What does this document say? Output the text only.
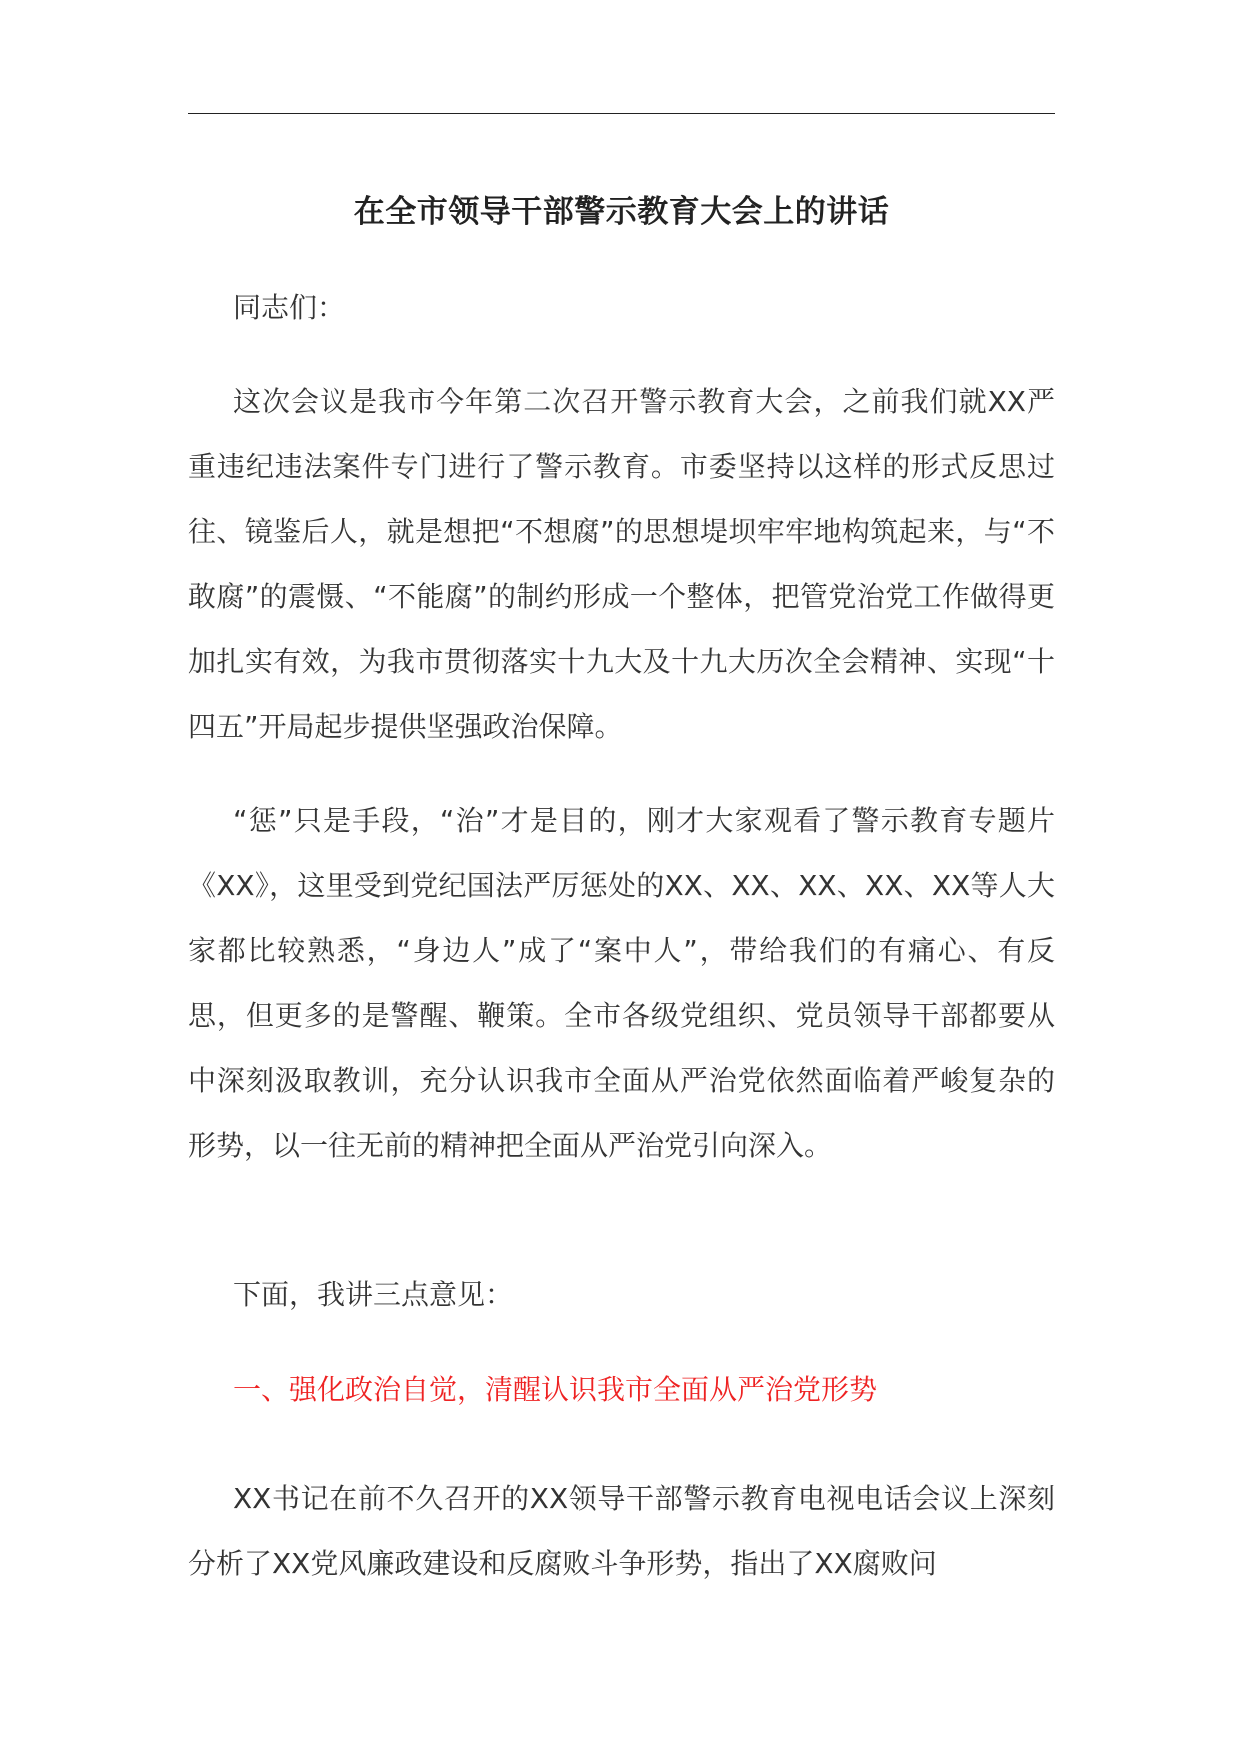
在全市领导干部警示教育大会上的讲话
同志们：
这次会议是我市今年第二次召开警示教育大会，之前我们就XX严重违纪违法案件专门进行了警示教育。市委坚持以这样的形式反思过往、镜鉴后人，就是想把“不想腐”的思想堤坝牢牢地构筑起来，与“不敢腐”的震慑、“不能腐”的制约形成一个整体，把管党治党工作做得更加扎实有效，为我市贯彻落实十九大及十九大历次全会精神、实现“十四五”开局起步提供坚强政治保障。
“惩”只是手段，“治”才是目的，刚才大家观看了警示教育专题片《XX》，这里受到党纪国法严厉惩处的XX、XX、XX、XX、XX等人大家都比较熟悉，“身边人”成了“案中人”，带给我们的有痛心、有反思，但更多的是警醒、鞭策。全市各级党组织、党员领导干部都要从中深刻汲取教训，充分认识我市全面从严治党依然面临着严峻复杂的形势，以一往无前的精神把全面从严治党引向深入。
下面，我讲三点意见：
一、强化政治自觉，清醒认识我市全面从严治党形势
XX书记在前不久召开的XX领导干部警示教育电视电话会议上深刻分析了XX党风廉政建设和反腐败斗争形势，指出了XX腐败问
